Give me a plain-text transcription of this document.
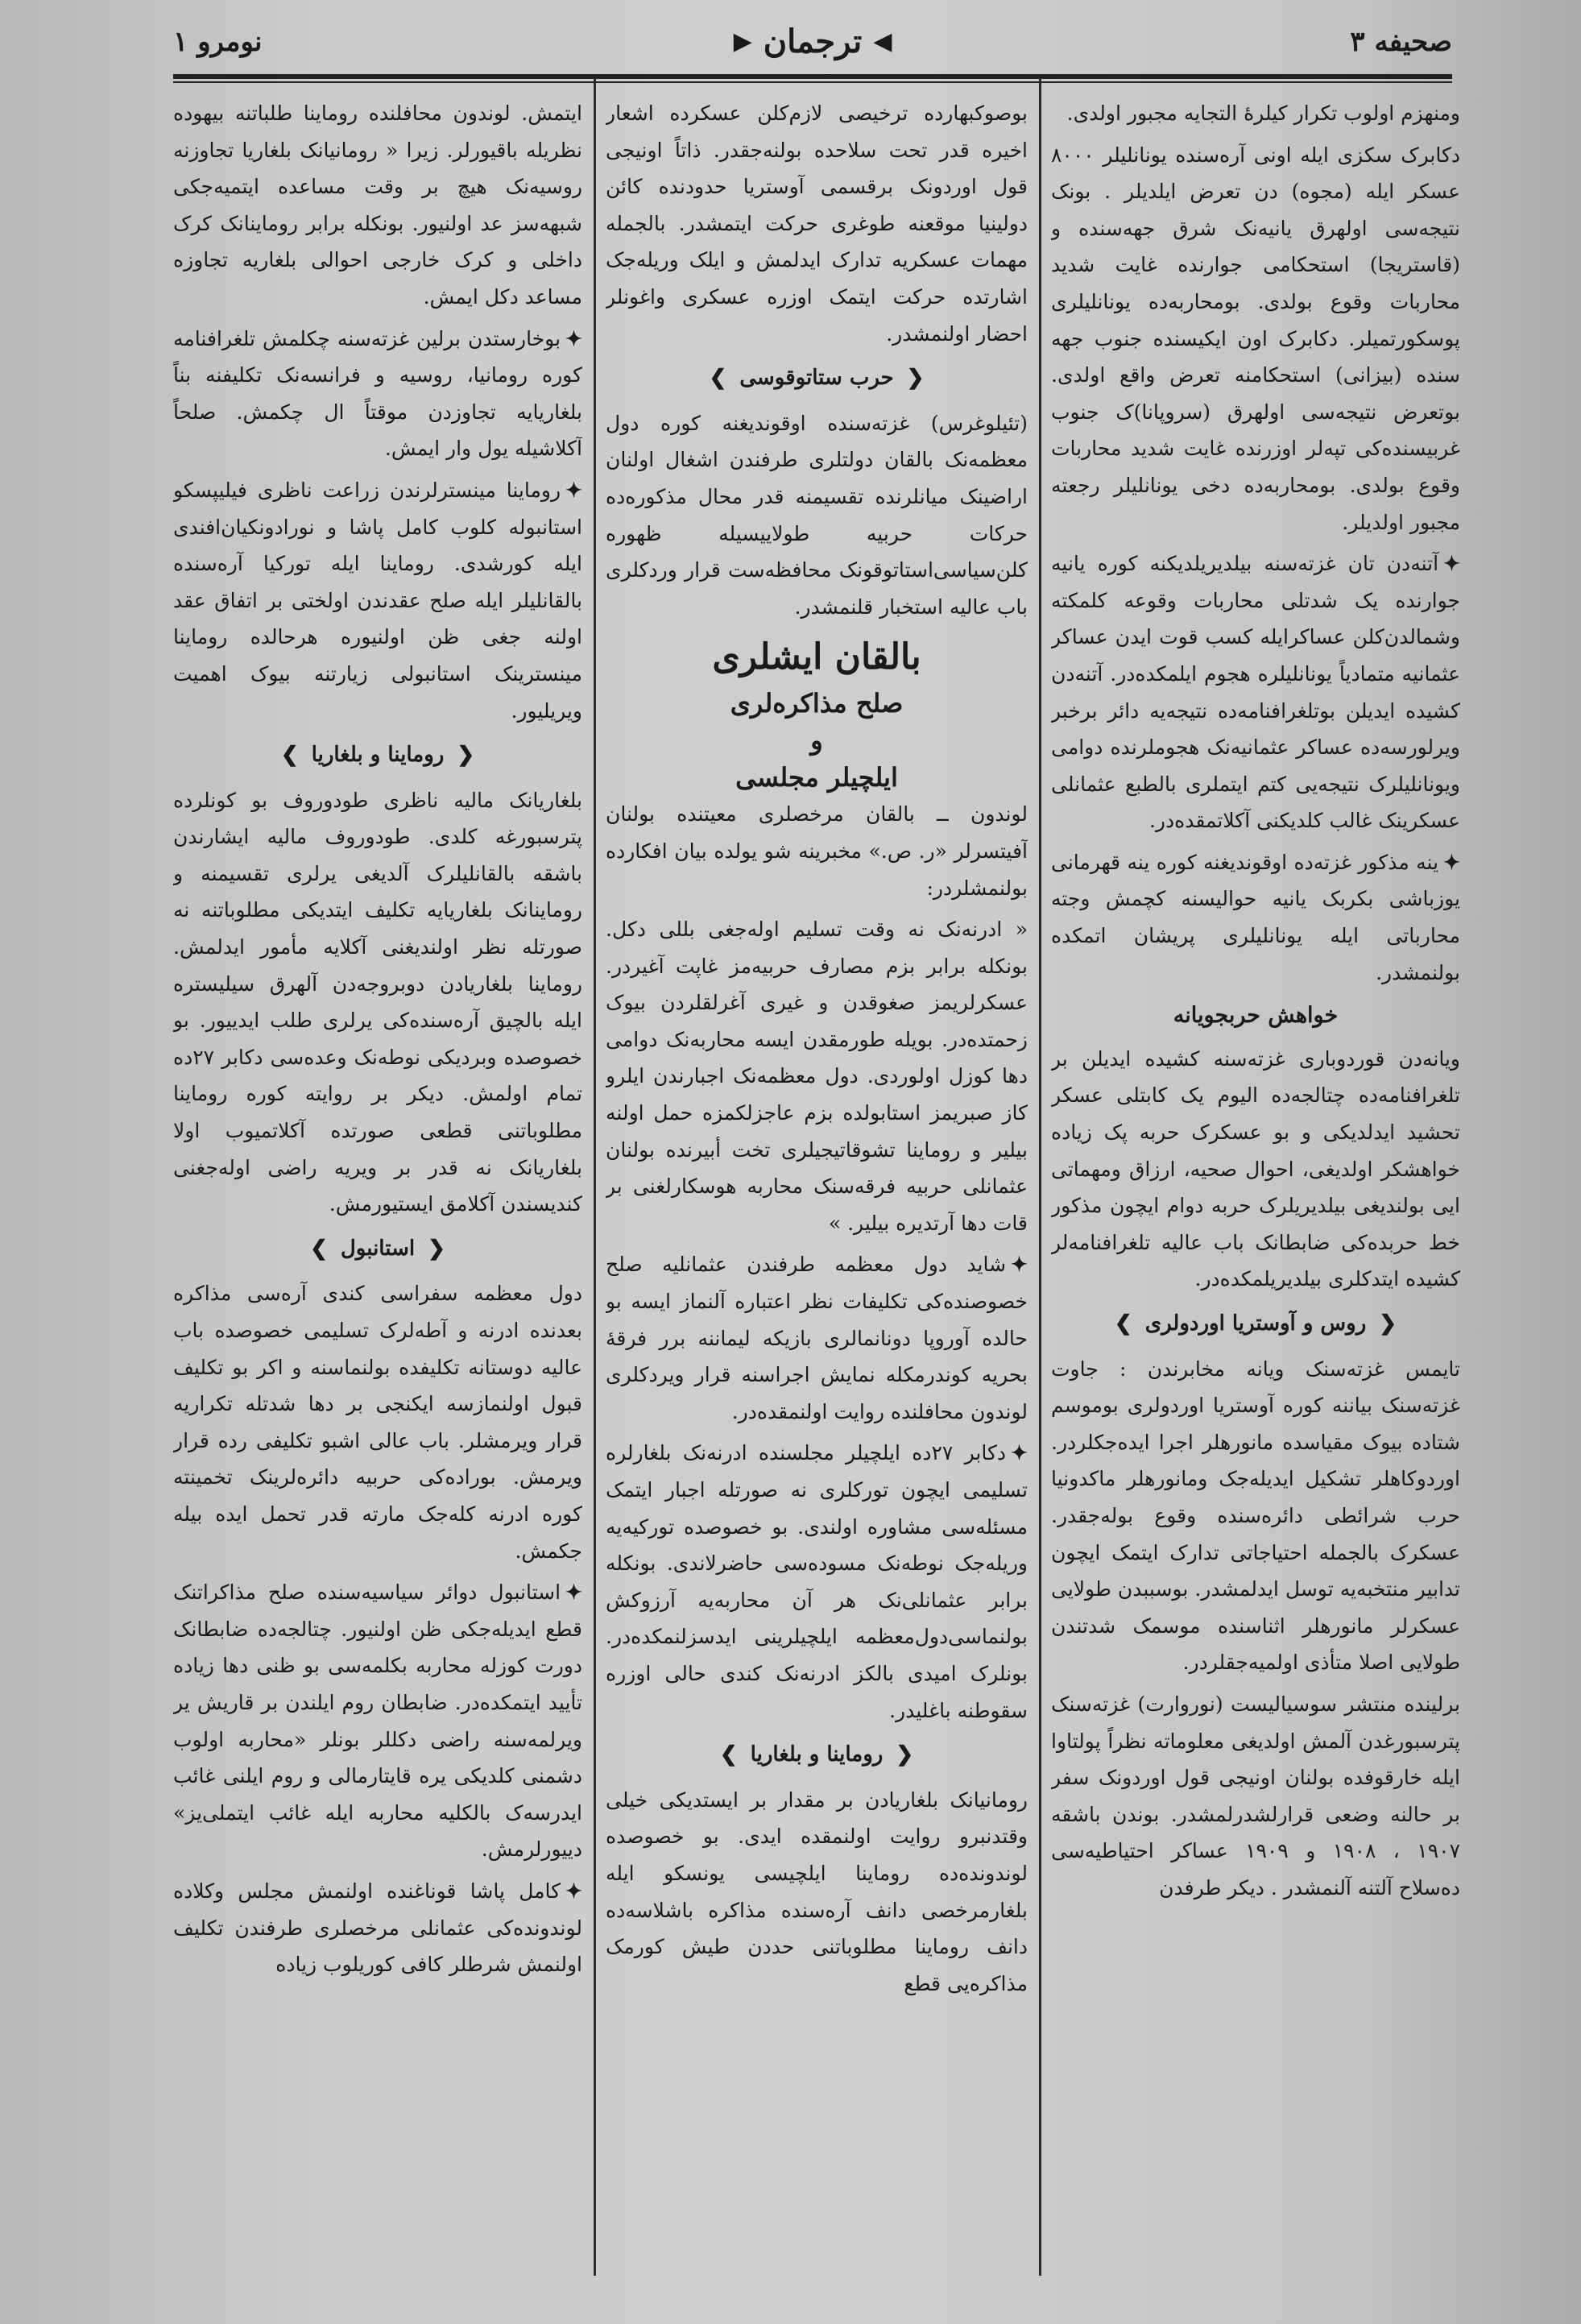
صحیفه ۳
◀
ترجمان
▶
نومرو ۱

ومنهزم اولوب تکرار کیلرهٔ التجایه مجبور اولدی.

دکابرک سکزی ایله اونی آره‌سنده یونانلیلر ۸۰۰۰ عسکر ایله (مجوه) دن تعرض ایلدیلر . بونک نتیجه‌سی اولهرق یانیه‌نک شرق جهه‌سنده و (قاستریجا) استحکامی جوارنده غایت شدید محاربات وقوع بولدی. بومحاربه‌ده یونانلیلری پوسکورتمیلر. دکابرک اون ایکیسنده جنوب جهه سنده (بیزانی) استحکامنه تعرض واقع اولدی. بوتعرض نتیجه‌سی اولهرق (سروپانا)ک جنوب غربیسنده‌کی تپه‌لر اوزرنده غایت شدید محاربات وقوع بولدی. بومحاربه‌ده دخی یونانلیلر رجعته مجبور اولدیلر.

✦آتنه‌دن تان غزته‌سنه بیلدیریلدیکنه کوره یانیه جوارنده یک شدتلی محاربات وقوعه کلمکته وشمالدن‌کلن عساکرایله کسب قوت ایدن عساکر عثمانیه متمادیاً یونانلیلره هجوم ایلمکده‌در. آتنه‌دن کشیده ایدیلن بوتلغرافنامه‌ده نتیجه‌یه دائر برخبر ویرلورسه‌ده عساکر عثمانیه‌نک هجوملرنده دوامی ویونانلیلرک نتیجه‌یی کتم ایتملری بالطبع عثمانلی عسکرینک غالب کلدیکنی آکلاتمقده‌در.

✦ینه مذکور غزته‌ده اوقوندیغنه کوره ینه قهرمانی یوزباشی بکربک یانیه حوالیسنه کچمش وجته محارباتی ایله یونانلیلری پریشان اتمکده بولنمشدر.

خواهش حربجویانه

ویانه‌دن قوردوباری غزته‌سنه کشیده ایدیلن بر تلغرافنامه‌ده چتالجه‌ده الیوم یک کابتلی عسکر تحشید ایدلدیکی و بو عسکرک حربه پک زیاده خواهشکر اولدیغی، احوال صحیه، ارزاق ومهماتی ایی بولندیغی بیلدیریلرک حربه دوام ایچون مذکور خط حربده‌کی ضابطانک باب عالیه تلغرافنامه‌لر کشیده ایتدکلری بیلدیریلمکده‌در.

❮روس و آوستریا اوردولری❯

تایمس غزته‌سنک ویانه مخابرندن : جاوت غزته‌سنک بیاننه کوره آوستریا اوردولری بوموسم شتاده بیوک مقیاسده مانورهلر اجرا ایده‌جکلردر. اوردوکاهلر تشکیل ایدیله‌جک ومانورهلر ماکدونیا حرب شرائطی دائره‌سنده وقوع بوله‌جقدر. عسکرک بالجمله احتیاجاتی تدارک ایتمک ایچون تدابیر منتخبه‌یه توسل ایدلمشدر. بوسببدن طولایی عسکرلر مانورهلر اثناسنده موسمک شدتندن طولایی اصلا متأذی اولمیه‌جقلردر.

برلینده منتشر سوسیالیست (نوروارت) غزته‌سنک پترسبورغدن آلمش اولدیغی معلوماته نظراً پولتاوا ایله خارقوفده بولنان اونیجی قول اوردونک سفر بر حالنه وضعی قرارلشدرلمشدر. بوندن باشقه ۱۹۰۷ ، ۱۹۰۸ و ۱۹۰۹ عساکر احتیاطیه‌سی ده‌سلاح آلتنه آلنمشدر . دیکر طرفدن

بوصوکبهارده ترخیصی لازم‌کلن عسکرده اشعار اخیره قدر تحت سلاحده بولنه‌جقدر. ذاتاً اونیجی قول اوردونک برقسمی آوستریا حدودنده کائن دولینیا موقعنه طوغری حرکت ایتمشدر. بالجمله مهمات عسکریه تدارک ایدلمش و ایلک وریله‌جک اشارتده حرکت ایتمک اوزره عسکری واغونلر احضار اولنمشدر.

❮حرب ستاتوقوسی❯

(تئیلوغرس) غزته‌سنده اوقوندیغنه کوره دول معظمه‌نک بالقان دولتلری طرفندن اشغال اولنان اراضینک میانلرنده تقسیمنه قدر محال مذکوره‌ده حرکات حربیه طولاییسیله ظهوره کلن‌سیاسی‌استاتوقونک محافظه‌ست قرار وردکلری باب عالیه استخبار قلنمشدر.

بالقان ایشلری
صلح مذاکره‌لری
و
ایلچیلر مجلسی

لوندون ــ بالقان مرخصلری معیتنده بولنان آفیتسرلر «ر. ص.» مخبرینه شو یولده بیان افکارده بولنمشلردر:

« ادرنه‌نک نه وقت تسلیم اوله‌جغی بللی دکل. بونکله برابر بزم مصارف حربیه‌مز غاپت آغیردر. عسکرلریمز صغوقدن و غیری آغرلقلردن بیوک زحمتده‌در. بویله طورمقدن ایسه محاربه‌نک دوامی دها کوزل اولوردی. دول معظمه‌نک اجبارندن ایلرو کاز صبریمز استابولده بزم عاجزلکمزه حمل اولنه بیلیر و روماینا تشوقاتیجیلری تخت أبیرنده بولنان عثمانلی حربیه فرقه‌سنک محاربه هوسکارلغنی بر قات دها آرتدیره بیلیر. »

✦شاید دول معظمه طرفندن عثمانلیه صلح خصوصنده‌کی تکلیفات نظر اعتباره آلنماز ایسه بو حالده آوروپا دونانمالری بازیکه لیماننه برر فرقهٔ بحریه کوندرمکله نمایش اجراسنه قرار ویردکلری لوندون محافلنده روایت اولنمقده‌در.

✦دکابر ۲۷ده ایلچیلر مجلسنده ادرنه‌نک بلغارلره تسلیمی ایچون تورکلری نه صورتله اجبار ایتمک مسئله‌سی مشاوره اولندی. بو خصوصده تورکیه‌یه وریله‌جک نوطه‌نک مسوده‌سی حاضرلاندی. بونکله برابر عثمانلی‌نک هر آن محاربه‌یه آرزوکش بولنماسی‌دول‌معظمه ایلچیلرینی ایدسزلنمکده‌در. بونلرک امیدی بالکز ادرنه‌نک کندی حالی اوزره سقوطنه باغلیدر.

❮روماینا و بلغاریا❯

رومانیانک بلغاریادن بر مقدار بر ایستدیکی خیلی وقتدنبرو روایت اولنمقده ایدی. بو خصوصده لوندونده‌ده روماینا ایلچیسی یونسکو ایله بلغارمرخصی دانف آره‌سنده مذاکره باشلاسه‌ده دانف روماینا مطلوباتنی حددن طیش کورمک مذاکره‌یی قطع

ایتمش. لوندون محافلنده روماینا طلباتنه بیهوده نظریله باقیورلر. زیرا « رومانیانک بلغاریا تجاوزنه روسیه‌نک هیچ بر وقت مساعده ایتمیه‌جکی شبهه‌سز عد اولنیور. بونکله برابر روماینانک کرک داخلی و کرک خارجی احوالی بلغاریه تجاوزه مساعد دکل ایمش.

✦بوخارستدن برلین غزته‌سنه چکلمش تلغرافنامه کوره رومانیا، روسیه و فرانسه‌نک تکلیفنه بناً بلغاریایه تجاوزدن موقتاً ال چکمش. صلحاً آکلاشیله یول وار ایمش.

✦روماینا مینسترلرندن زراعت ناظری فیلیپسکو استانبوله کلوب کامل پاشا و نورادونکیان‌افندی ایله کورشدی. روماینا ایله تورکیا آره‌سنده بالقانلیلر ایله صلح عقدندن اولختی بر اتفاق عقد اولنه جغی ظن اولنیوره هرحالده روماینا مینسترینک استانبولی زیارتنه بیوک اهمیت ویریلیور.

❮روماینا و بلغاریا❯

بلغاریانک مالیه ناظری طودوروف بو کونلرده پترسبورغه کلدی. طودوروف مالیه ایشارندن باشقه بالقانلیلرک آلدیغی یرلری تقسیمنه و روماینانک بلغاریایه تکلیف ایتدیکی مطلوباتنه نه صورتله نظر اولندیغنی آکلایه مأمور ایدلمش. روماینا بلغاریادن دوبروجه‌دن آلهرق سیلیستره ایله بالچیق آره‌سنده‌کی یرلری طلب ایدییور. بو خصوصده وبردیکی نوطه‌نک وعده‌سی دکابر ۲۷ده تمام اولمش. دیکر بر روایته کوره روماینا مطلوباتنی قطعی صورتده آکلاتمیوب اولا بلغاریانک نه قدر بر ویریه راضی اوله‌جغنی کندیسندن آکلامق ایستیورمش.

❮استانبول❯

دول معظمه سفراسی کندی آره‌سی مذاکره بعدنده ادرنه و آطه‌لرک تسلیمی خصوصده باب عالیه دوستانه تکلیفده بولنماسنه و اکر بو تکلیف قبول اولنمازسه ایکنجی بر دها شدتله تکراریه قرار ویرمشلر. باب عالی اشبو تکلیفی رده قرار ویرمش. بوراده‌کی حربیه دائره‌لرینک تخمینته کوره ادرنه کله‌جک مارته قدر تحمل ایده بیله جکمش.

✦استانبول دوائر سیاسیه‌سنده صلح مذاکراتنک قطع ایدیله‌جکی ظن اولنیور. چتالجه‌ده ضابطانک دورت کوزله محاربه بکلمه‌سی بو ظنی دها زیاده تأیید ایتمکده‌در. ضابطان روم ایلندن بر قاریش یر ویرلمه‌سنه راضی دکللر بونلر «محاربه اولوب دشمنی کلدیکی یره قایتارمالی و روم ایلنی غائب ایدرسه‌ک بالکلیه محاربه ایله غائب ایتملی‌یز» دییورلرمش.

✦کامل پاشا قوناغنده اولنمش مجلس وکلاده لوندونده‌کی عثمانلی مرخصلری طرفندن تکلیف اولنمش شرطلر کافی کوریلوب زیاده
